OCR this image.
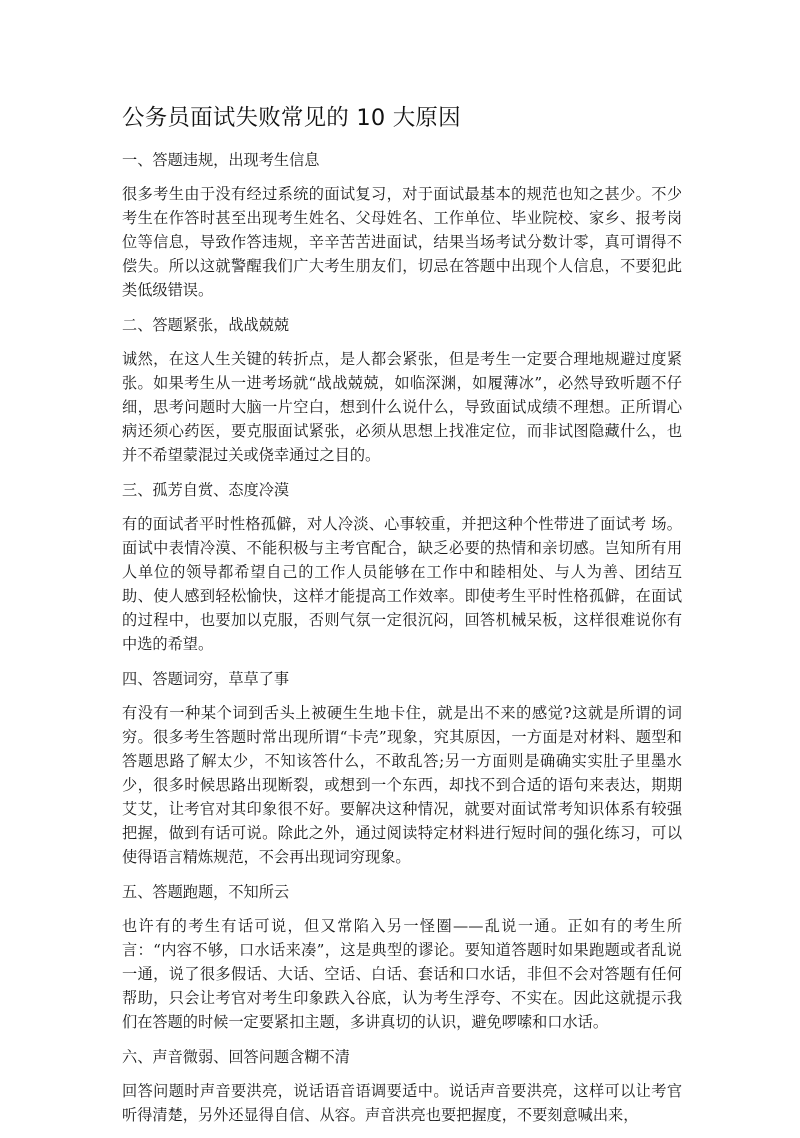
公务员面试失败常见的 10 大原因
一、答题违规，出现考生信息

很多考生由于没有经过系统的面试复习，对于面试最基本的规范也知之甚少。不少考生在作答时甚至出现考生姓名、父母姓名、工作单位、毕业院校、家乡、报考岗位等信息，导致作答违规，辛辛苦苦进面试，结果当场考试分数计零，真可谓得不偿失。所以这就警醒我们广大考生朋友们，切忌在答题中出现个人信息，不要犯此类低级错误。

二、答题紧张，战战兢兢

诚然，在这人生关键的转折点，是人都会紧张，但是考生一定要合理地规避过度紧张。如果考生从一进考场就“战战兢兢，如临深渊，如履薄冰”，必然导致听题不仔细，思考问题时大脑一片空白，想到什么说什么，导致面试成绩不理想。正所谓心病还须心药医，要克服面试紧张，必须从思想上找准定位，而非试图隐藏什么，也并不希望蒙混过关或侥幸通过之目的。

三、孤芳自赏、态度冷漠

有的面试者平时性格孤僻，对人冷淡、心事较重，并把这种个性带进了面试考 场。面试中表情冷漠、不能积极与主考官配合，缺乏必要的热情和亲切感。岂知所有用人单位的领导都希望自己的工作人员能够在工作中和睦相处、与人为善、团结互助、使人感到轻松愉快，这样才能提高工作效率。即使考生平时性格孤僻，在面试的过程中，也要加以克服，否则气氛一定很沉闷，回答机械呆板，这样很难说你有中选的希望。

四、答题词穷，草草了事

有没有一种某个词到舌头上被硬生生地卡住，就是出不来的感觉?这就是所谓的词穷。很多考生答题时常出现所谓“卡壳”现象，究其原因，一方面是对材料、题型和答题思路了解太少，不知该答什么，不敢乱答;另一方面则是确确实实肚子里墨水少，很多时候思路出现断裂，或想到一个东西，却找不到合适的语句来表达，期期艾艾，让考官对其印象很不好。要解决这种情况，就要对面试常考知识体系有较强把握，做到有话可说。除此之外，通过阅读特定材料进行短时间的强化练习，可以使得语言精炼规范，不会再出现词穷现象。

五、答题跑题，不知所云

也许有的考生有话可说，但又常陷入另一怪圈——乱说一通。正如有的考生所言：“内容不够，口水话来凑”，这是典型的谬论。要知道答题时如果跑题或者乱说一通，说了很多假话、大话、空话、白话、套话和口水话，非但不会对答题有任何帮助，只会让考官对考生印象跌入谷底，认为考生浮夸、不实在。因此这就提示我们在答题的时候一定要紧扣主题，多讲真切的认识，避免啰嗦和口水话。

六、声音微弱、回答问题含糊不清

回答问题时声音要洪亮，说话语音语调要适中。说话声音要洪亮，这样可以让考官听得清楚，另外还显得自信、从容。声音洪亮也要把握度，不要刻意喊出来，
